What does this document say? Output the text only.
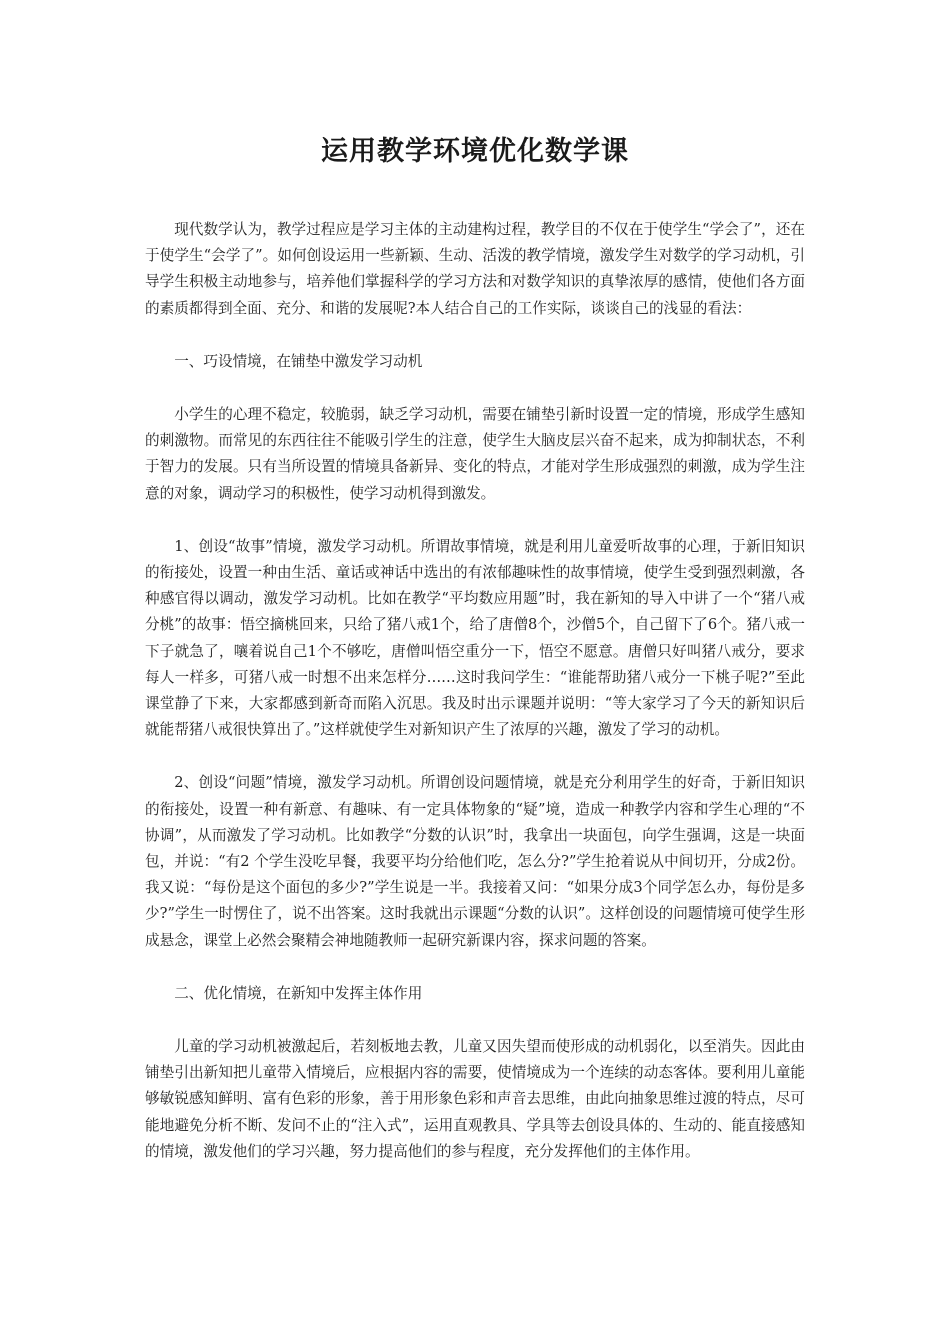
运用教学环境优化数学课

现代数学认为，教学过程应是学习主体的主动建构过程，教学目的不仅在于使学生“学会了”，还在于使学生“会学了”。如何创设运用一些新颖、生动、活泼的教学情境，激发学生对数学的学习动机，引导学生积极主动地参与，培养他们掌握科学的学习方法和对数学知识的真挚浓厚的感情，使他们各方面的素质都得到全面、充分、和谐的发展呢?本人结合自己的工作实际，谈谈自己的浅显的看法：

一、巧设情境，在铺垫中激发学习动机

小学生的心理不稳定，较脆弱，缺乏学习动机，需要在铺垫引新时设置一定的情境，形成学生感知的刺激物。而常见的东西往往不能吸引学生的注意，使学生大脑皮层兴奋不起来，成为抑制状态，不利于智力的发展。只有当所设置的情境具备新异、变化的特点，才能对学生形成强烈的刺激，成为学生注意的对象，调动学习的积极性，使学习动机得到激发。

1、创设“故事”情境，激发学习动机。所谓故事情境，就是利用儿童爱听故事的心理，于新旧知识的衔接处，设置一种由生活、童话或神话中选出的有浓郁趣味性的故事情境，使学生受到强烈刺激，各种感官得以调动，激发学习动机。比如在教学“平均数应用题”时，我在新知的导入中讲了一个“猪八戒分桃”的故事：悟空摘桃回来，只给了猪八戒1个，给了唐僧8个，沙僧5个，自己留下了6个。猪八戒一下子就急了，嚷着说自己1个不够吃，唐僧叫悟空重分一下，悟空不愿意。唐僧只好叫猪八戒分，要求每人一样多，可猪八戒一时想不出来怎样分……这时我问学生：“谁能帮助猪八戒分一下桃子呢?”至此课堂静了下来，大家都感到新奇而陷入沉思。我及时出示课题并说明：“等大家学习了今天的新知识后就能帮猪八戒很快算出了。”这样就使学生对新知识产生了浓厚的兴趣，激发了学习的动机。

2、创设“问题”情境，激发学习动机。所谓创设问题情境，就是充分利用学生的好奇，于新旧知识的衔接处，设置一种有新意、有趣味、有一定具体物象的“疑”境，造成一种教学内容和学生心理的“不协调”，从而激发了学习动机。比如教学“分数的认识”时，我拿出一块面包，向学生强调，这是一块面包，并说：“有2 个学生没吃早餐，我要平均分给他们吃，怎么分?”学生抢着说从中间切开，分成2份。我又说：“每份是这个面包的多少?”学生说是一半。我接着又问：“如果分成3个同学怎么办，每份是多少?”学生一时愣住了，说不出答案。这时我就出示课题“分数的认识”。这样创设的问题情境可使学生形成悬念，课堂上必然会聚精会神地随教师一起研究新课内容，探求问题的答案。

二、优化情境，在新知中发挥主体作用

儿童的学习动机被激起后，若刻板地去教，儿童又因失望而使形成的动机弱化，以至消失。因此由铺垫引出新知把儿童带入情境后，应根据内容的需要，使情境成为一个连续的动态客体。要利用儿童能够敏锐感知鲜明、富有色彩的形象，善于用形象色彩和声音去思维，由此向抽象思维过渡的特点，尽可能地避免分析不断、发问不止的“注入式”，运用直观教具、学具等去创设具体的、生动的、能直接感知的情境，激发他们的学习兴趣，努力提高他们的参与程度，充分发挥他们的主体作用。
